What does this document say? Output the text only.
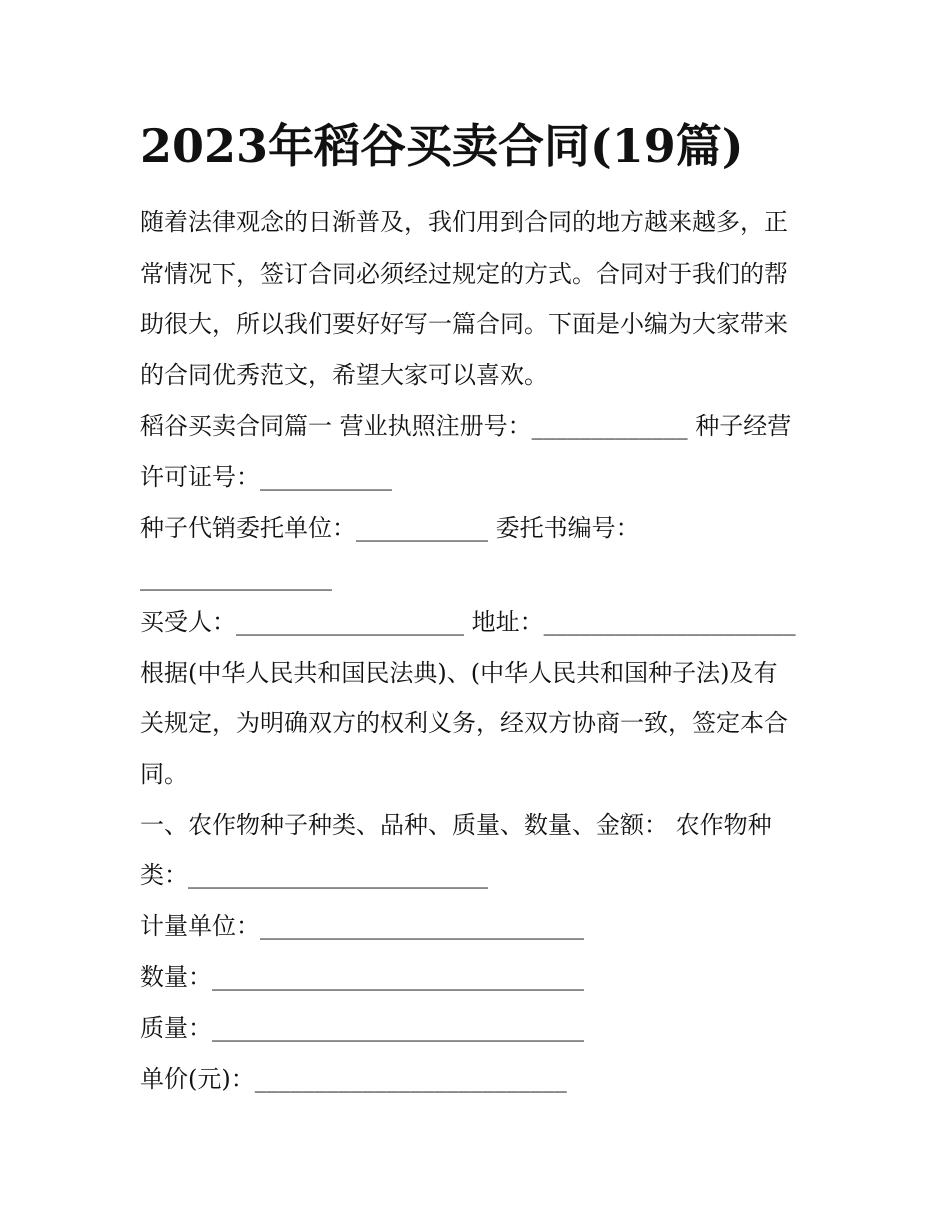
2023年稻谷买卖合同(19篇)
随着法律观念的日渐普及，我们用到合同的地方越来越多，正
常情况下，签订合同必须经过规定的方式。合同对于我们的帮
助很大，所以我们要好好写一篇合同。下面是小编为大家带来
的合同优秀范文，希望大家可以喜欢。
稻谷买卖合同篇一 营业执照注册号：_____________ 种子经营
许可证号：___________
种子代销委托单位：___________ 委托书编号：
________________
买受人：___________________ 地址：_____________________
根据(中华人民共和国民法典)、(中华人民共和国种子法)及有
关规定，为明确双方的权利义务，经双方协商一致，签定本合
同。
一、农作物种子种类、品种、质量、数量、金额： 农作物种
类：_________________________
计量单位：___________________________
数量：_______________________________
质量：_______________________________
单价(元)：__________________________
